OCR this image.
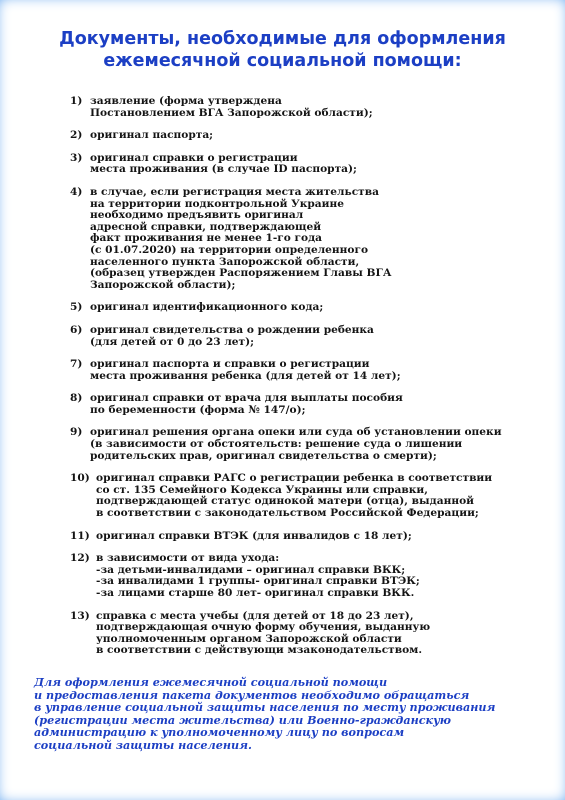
Документы, необходимые для оформления
ежемесячной социальной помощи:
1) заявление (форма утверждена
Постановлением ВГА Запорожской области);
2) оригинал паспорта;
3) оригинал справки о регистрации
места проживания (в случае ID паспорта);
4) в случае, если регистрация места жительства
на территории подконтрольной Украине
необходимо предъявить оригинал
адресной справки, подтверждающей
факт проживания не менее 1-го года
(с 01.07.2020) на территории определенного
населенного пункта Запорожской области,
(образец утвержден Распоряжением Главы ВГА
Запорожской области);
5) оригинал идентификационного кода;
6) оригинал свидетельства о рождении ребенка
(для детей от 0 до 23 лет);
7) оригинал паспорта и справки о регистрации
места проживання ребенка (для детей от 14 лет);
8) оригинал справки от врача для выплаты пособия
по беременности (форма № 147/о);
9) оригинал решения органа опеки или суда об установлении опеки
(в зависимости от обстоятельств: решение суда о лишении
родительских прав, оригинал свидетельства о смерти);
10) оригинал справки РАГС о регистрации ребенка в соответствии
со ст. 135 Семейного Кодекса Украины или справки,
подтверждающей статус одинокой матери (отца), выданной
в соответствии с законодательством Российской Федерации;
11) оригинал справки ВТЭК (для инвалидов с 18 лет);
12) в зависимости от вида ухода:
-за детьми-инвалидами – оригинал справки ВКК;
-за инвалидами 1 группы- оригинал справки ВТЭК;
-за лицами старше 80 лет- оригинал справки ВКК.
13) справка с места учебы (для детей от 18 до 23 лет),
подтверждающая очную форму обучения, выданную
уполномоченным органом Запорожской области
в соответствии с действующи мзаконодательством.
Для оформления ежемесячной социальной помощи
и предоставления пакета документов необходимо обращаться
в управление социальной защиты населения по месту проживания
(регистрации места жительства) или Военно-гражданскую
администрацию к уполномоченному лицу по вопросам
социальной защиты населения.
